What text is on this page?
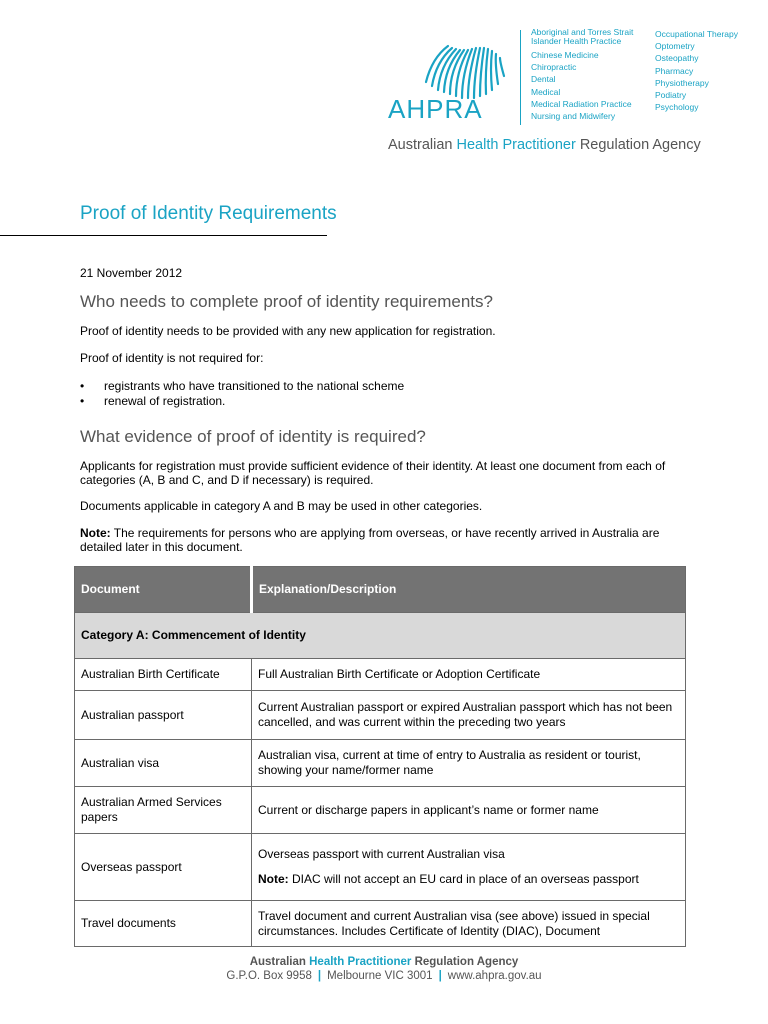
AHPRA
Aboriginal and Torres Strait Islander Health Practice
Chinese Medicine
Chiropractic
Dental
Medical
Medical Radiation Practice
Nursing and Midwifery
Occupational Therapy
Optometry
Osteopathy
Pharmacy
Physiotherapy
Podiatry
Psychology
Australian Health Practitioner Regulation Agency
Proof of Identity Requirements
21 November 2012
Who needs to complete proof of identity requirements?
Proof of identity needs to be provided with any new application for registration.
Proof of identity is not required for:
• registrants who have transitioned to the national scheme
• renewal of registration.
What evidence of proof of identity is required?
Applicants for registration must provide sufficient evidence of their identity. At least one document from each of categories (A, B and C, and D if necessary) is required.
Documents applicable in category A and B may be used in other categories.
Note: The requirements for persons who are applying from overseas, or have recently arrived in Australia are detailed later in this document.
Document	Explanation/Description
Category A: Commencement of Identity	
Australian Birth Certificate	Full Australian Birth Certificate or Adoption Certificate
Australian passport	Current Australian passport or expired Australian passport which has not been cancelled, and was current within the preceding two years
Australian visa	Australian visa, current at time of entry to Australia as resident or tourist, showing your name/former name
Australian Armed Services papers	Current or discharge papers in applicant’s name or former name
Overseas passport	Overseas passport with current Australian visa

Note: DIAC will not accept an EU card in place of an overseas passport

Travel documents	Travel document and current Australian visa (see above) issued in special circumstances. Includes Certificate of Identity (DIAC), Document
Australian Health Practitioner Regulation Agency
G.P.O. Box 9958 | Melbourne VIC 3001 | www.ahpra.gov.au
